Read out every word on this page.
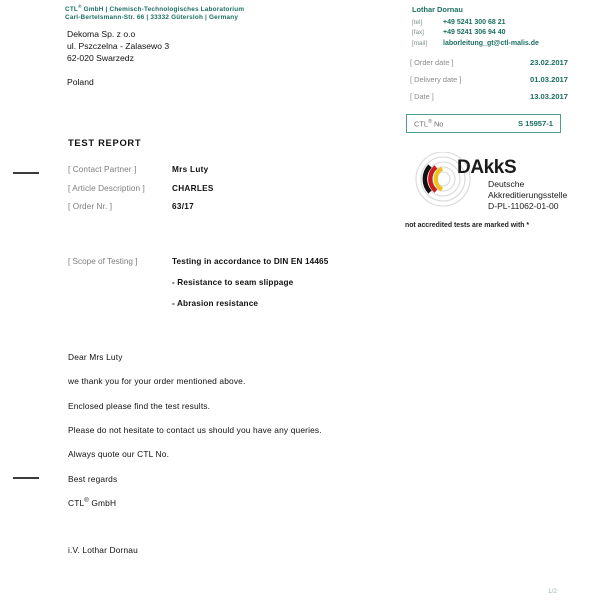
CTL® GmbH | Chemisch-Technologisches Laboratorium
Carl-Bertelsmann-Str. 66 | 33332 Gütersloh | Germany
Dekoma Sp. z o.o
ul. Pszczelna - Zalasewo 3
62-020 Swarzedz
Poland
Lothar Dornau
[tel]	+49 5241 300 68 21
[fax]	+49 5241 306 94 40
[mail]	laborleitung_gt@ctl-malis.de
[ Order date ]	23.02.2017
[ Delivery date ]	01.03.2017
[ Date ]	13.03.2017
CTL® No	S 15957-1
DAkkS
Deutsche
Akkreditierungsstelle
D-PL-11062-01-00
not accredited tests are marked with *
TEST REPORT
[ Contact Partner ]	Mrs Luty
[ Article Description ]	CHARLES
[ Order Nr. ]	63/17
[ Scope of Testing ]	Testing in accordance to DIN EN 14465
- Resistance to seam slippage
- Abrasion resistance
Dear Mrs Luty
we thank you for your order mentioned above.
Enclosed please find the test results.
Please do not hesitate to contact us should you have any queries.
Always quote our CTL No.
Best regards
CTL® GmbH
i.V. Lothar Dornau
1/2
